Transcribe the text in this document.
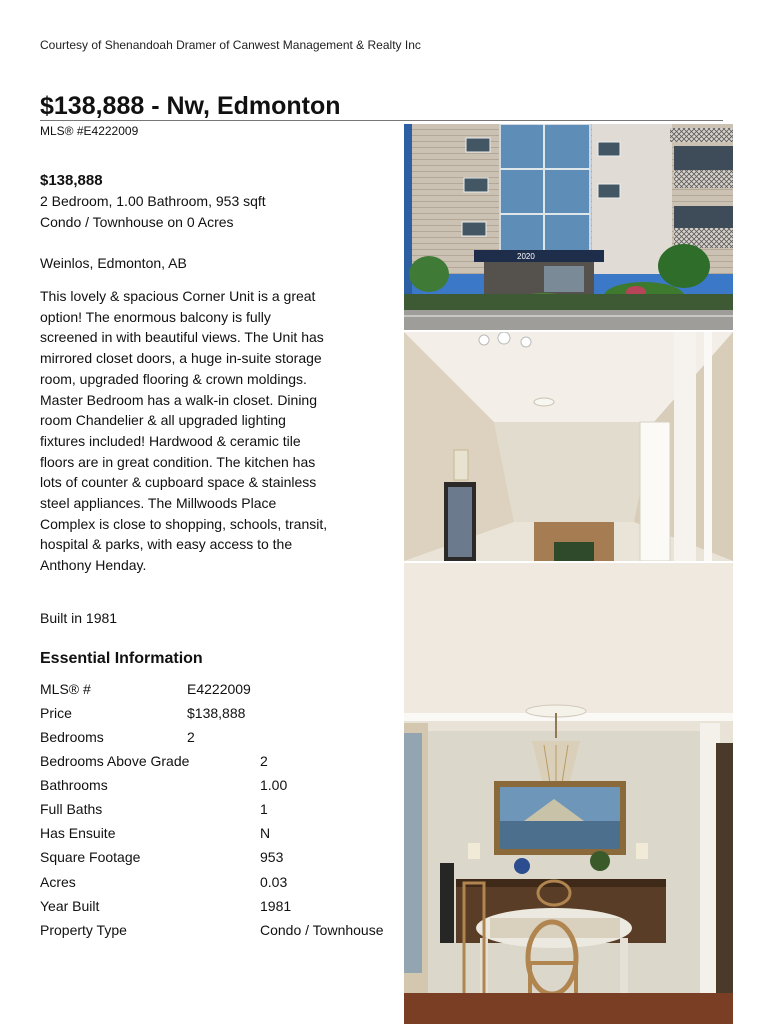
Courtesy of Shenandoah Dramer of Canwest Management & Realty Inc
$138,888 - Nw, Edmonton
MLS® #E4222009
$138,888
2 Bedroom, 1.00 Bathroom, 953 sqft
Condo / Townhouse on 0 Acres
Weinlos, Edmonton, AB

This lovely & spacious Corner Unit is a great
option! The enormous balcony is fully
screened in with beautiful views. The Unit has
mirrored closet doors, a huge in-suite storage
room, upgraded flooring & crown moldings.
Master Bedroom has a walk-in closet. Dining
room Chandelier & all upgraded lighting
fixtures included! Hardwood & ceramic tile
floors are in great condition. The kitchen has
lots of counter & cupboard space & stainless
steel appliances. The Millwoods Place
Complex is close to shopping, schools, transit,
hospital & parks, with easy access to the
Anthony Henday.

Built in 1981
Essential Information
MLS® #	E4222009
Price	$138,888
Bedrooms	2
Bedrooms Above Grade	2
Bathrooms	1.00
Full Baths	1
Has Ensuite	N
Square Footage	953
Acres	0.03
Year Built	1981
Property Type	Condo / Townhouse
2020
